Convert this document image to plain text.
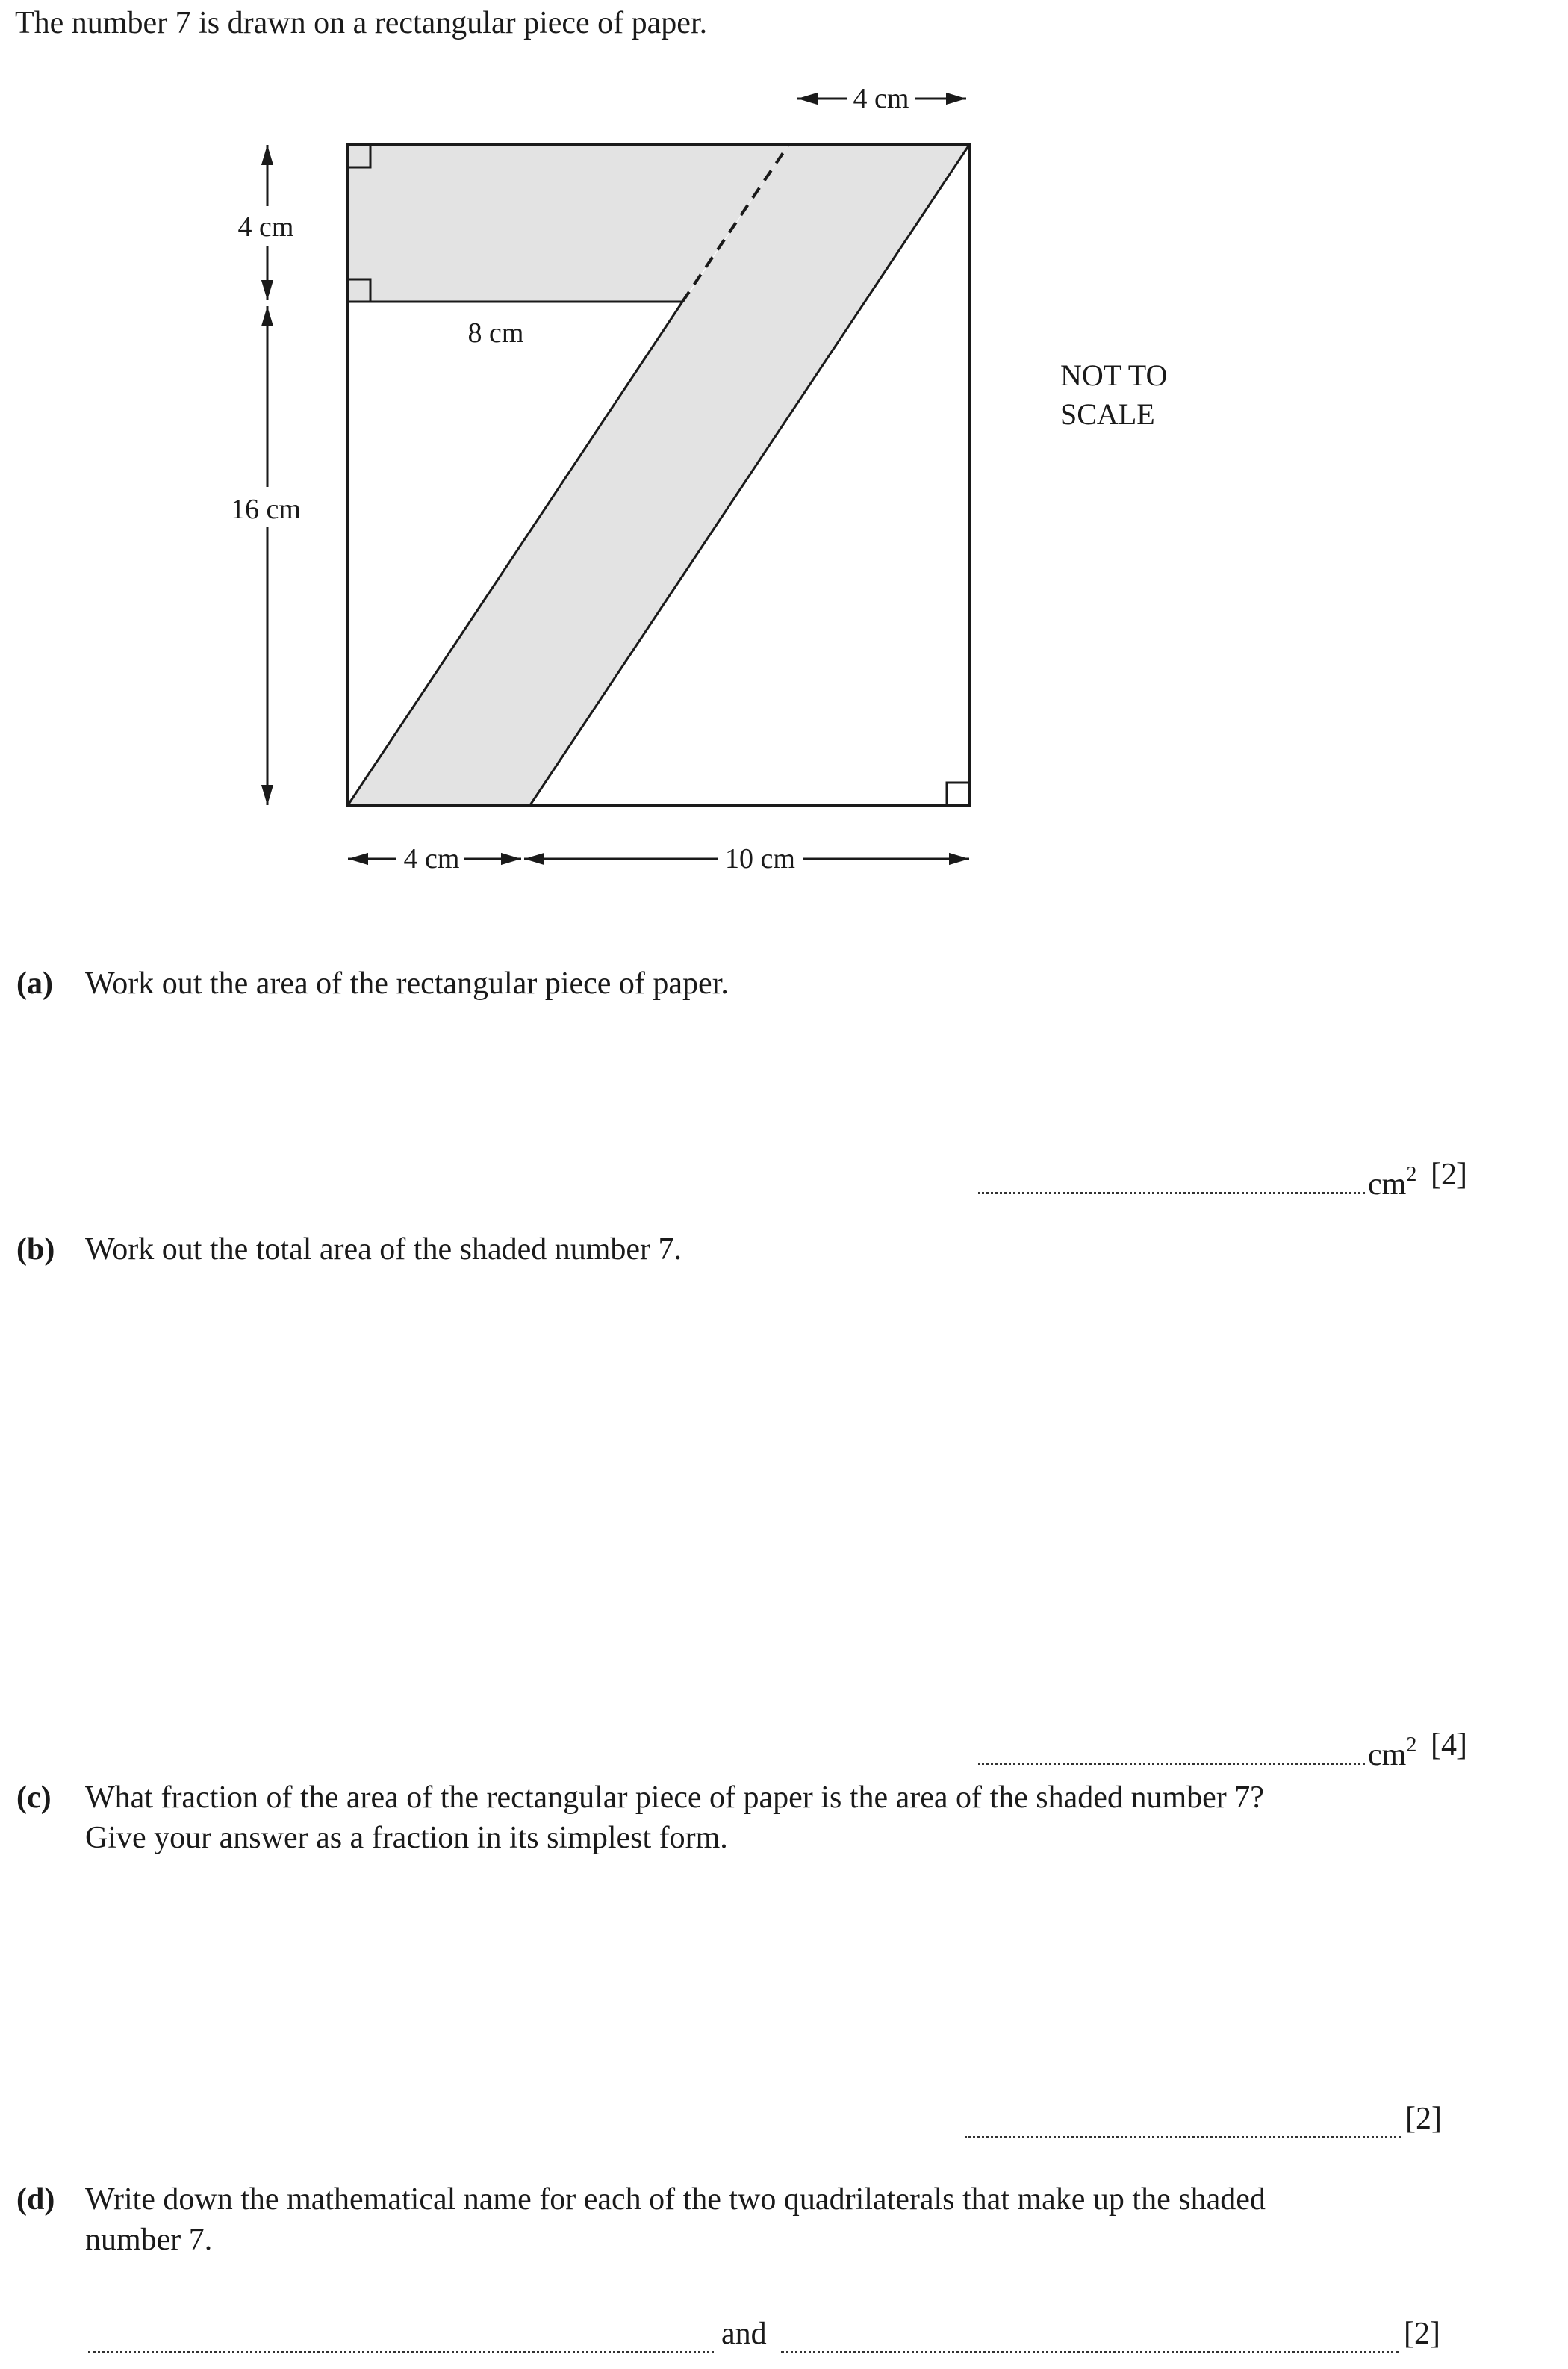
The number 7 is drawn on a rectangular piece of paper.
4 cm
4 cm
16 cm
8 cm
4 cm	10 cm
NOT TO
SCALE
(a) Work out the area of the rectangular piece of paper.
$cm^2$ [2]
(b) Work out the total area of the shaded number 7.
$cm^2$ [4]
(c) What fraction of the area of the rectangular piece of paper is the area of the shaded number 7?
Give your answer as a fraction in its simplest form.
[2]
(d) Write down the mathematical name for each of the two quadrilaterals that make up the shaded
number 7.
and	[2]
